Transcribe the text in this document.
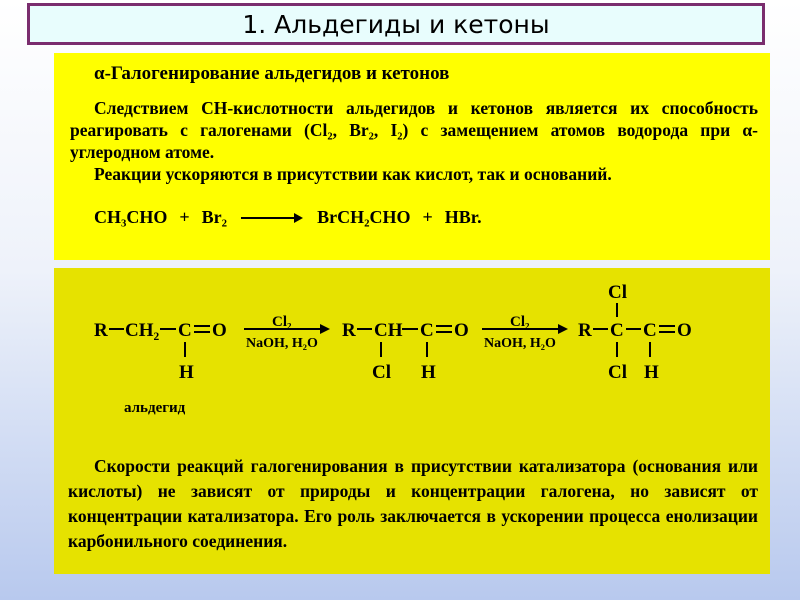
1. Альдегиды и кетоны
α-Галогенирование альдегидов и кетонов

Следствием СН-кислотности альдегидов и кетонов является их способность реагировать с галогенами (Cl₂, Br₂, I₂) с замещением атомов водорода при α-углеродном атоме.

Реакции ускоряются в присутствии как кислот, так и оснований.

CH₃CHO + Br₂	BrCH₂CHO + HBr.
R CH₂ C O
H
Cl₂
NaOH, H₂O
R CH C O
Cl H
Cl₂
NaOH, H₂O
R C C O
Cl
Cl H
альдегид

Скорости реакций галогенирования в присутствии катализатора (основания или кислоты) не зависят от природы и концентрации галогена, но зависят от концентрации катализатора. Его роль заключается в ускорении процесса енолизации карбонильного соединения.
